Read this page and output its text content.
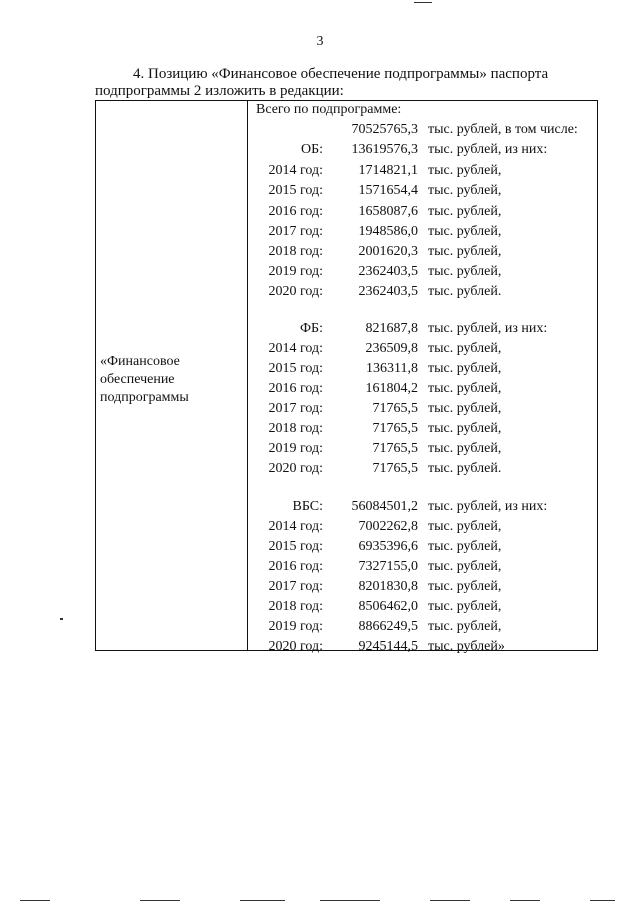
3
4. Позицию «Финансовое обеспечение подпрограммы» паспорта
подпрограммы 2 изложить в редакции:
«Финансовое
обеспечение
подпрограммы
Всего по подпрограмме:
70525765,3 тыс. рублей, в том числе:
ОБ: 13619576,3 тыс. рублей, из них:
2014 год:	1714821,1 тыс. рублей,
2015 год:	1571654,4 тыс. рублей,
2016 год:	1658087,6 тыс. рублей,
2017 год:	1948586,0 тыс. рублей,
2018 год:	2001620,3 тыс. рублей,
2019 год:	2362403,5 тыс. рублей,
2020 год:	2362403,5 тыс. рублей.
ФБ:	821687,8 тыс. рублей, из них:
2014 год:	236509,8 тыс. рублей,
2015 год:	136311,8 тыс. рублей,
2016 год:	161804,2 тыс. рублей,
2017 год:	71765,5 тыс. рублей,
2018 год:	71765,5 тыс. рублей,
2019 год:	71765,5 тыс. рублей,
2020 год:	71765,5 тыс. рублей.
ВБС: 56084501,2 тыс. рублей, из них:
2014 год:	7002262,8 тыс. рублей,
2015 год:	6935396,6 тыс. рублей,
2016 год:	7327155,0 тыс. рублей,
2017 год:	8201830,8 тыс. рублей,
2018 год:	8506462,0 тыс. рублей,
2019 год:	8866249,5 тыс. рублей,
2020 год:	9245144,5 тыс. рублей»
